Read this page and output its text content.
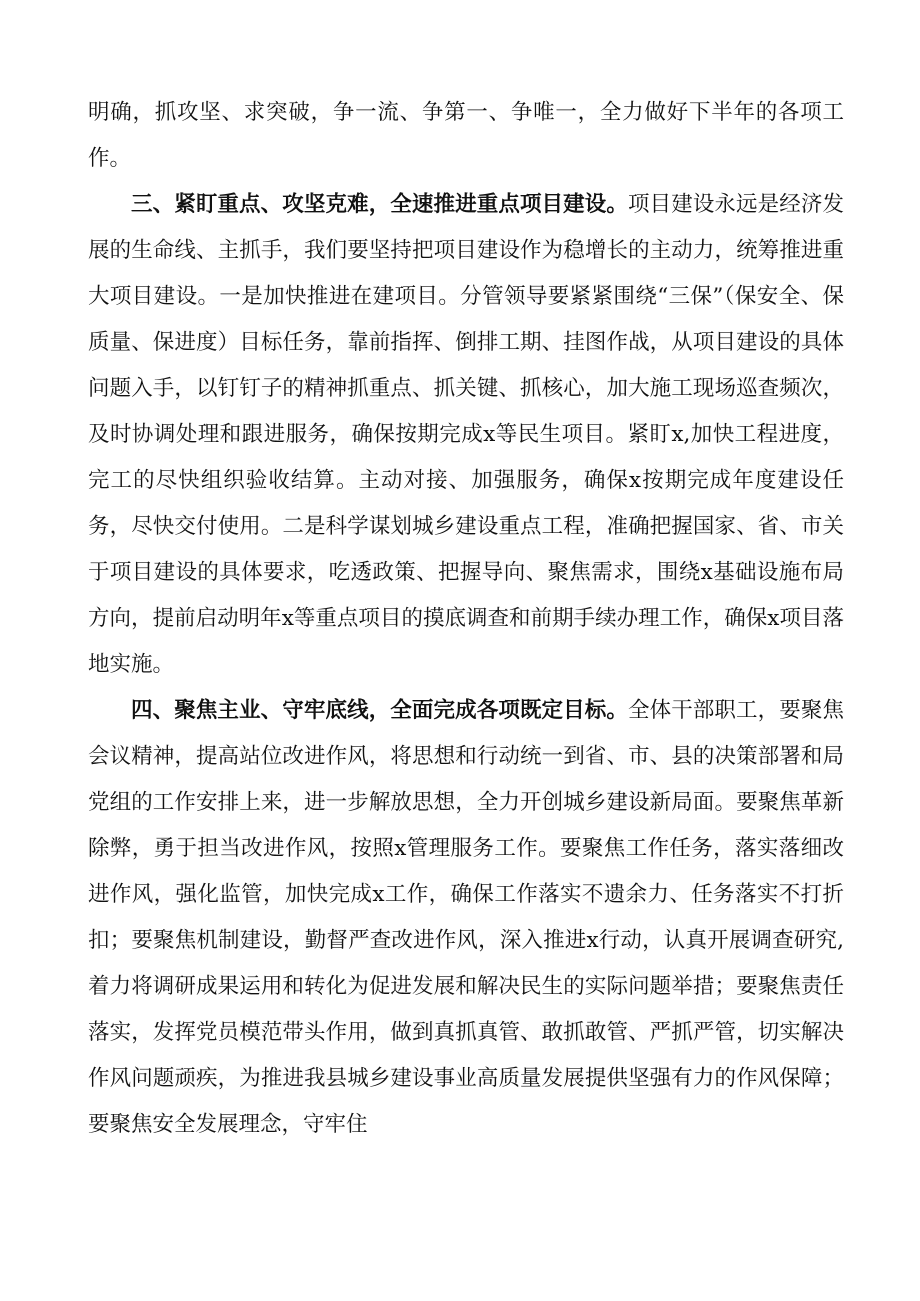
明确，抓攻坚、求突破，争一流、争第一、争唯一，全力做好下半年的各项工作。

三、紧盯重点、攻坚克难，全速推进重点项目建设。项目建设永远是经济发展的生命线、主抓手，我们要坚持把项目建设作为稳增长的主动力，统筹推进重大项目建设。一是加快推进在建项目。分管领导要紧紧围绕“三保”（保安全、保质量、保进度）目标任务，靠前指挥、倒排工期、挂图作战，从项目建设的具体问题入手，以钉钉子的精神抓重点、抓关键、抓核心，加大施工现场巡查频次，及时协调处理和跟进服务，确保按期完成x等民生项目。紧盯x,加快工程进度，完工的尽快组织验收结算。主动对接、加强服务，确保x按期完成年度建设任务，尽快交付使用。二是科学谋划城乡建设重点工程，准确把握国家、省、市关于项目建设的具体要求，吃透政策、把握导向、聚焦需求，围绕x基础设施布局方向，提前启动明年x等重点项目的摸底调查和前期手续办理工作，确保x项目落地实施。

四、聚焦主业、守牢底线，全面完成各项既定目标。全体干部职工，要聚焦会议精神，提高站位改进作风，将思想和行动统一到省、市、县的决策部署和局党组的工作安排上来，进一步解放思想，全力开创城乡建设新局面。要聚焦革新除弊，勇于担当改进作风，按照x管理服务工作。要聚焦工作任务，落实落细改进作风，强化监管，加快完成x工作，确保工作落实不遗余力、任务落实不打折扣；要聚焦机制建设，勤督严查改进作风，深入推进x行动，认真开展调查研究,着力将调研成果运用和转化为促进发展和解决民生的实际问题举措；要聚焦责任落实，发挥党员模范带头作用，做到真抓真管、敢抓敢管、严抓严管，切实解决作风问题顽疾，为推进我县城乡建设事业高质量发展提供坚强有力的作风保障；要聚焦安全发展理念，守牢住
